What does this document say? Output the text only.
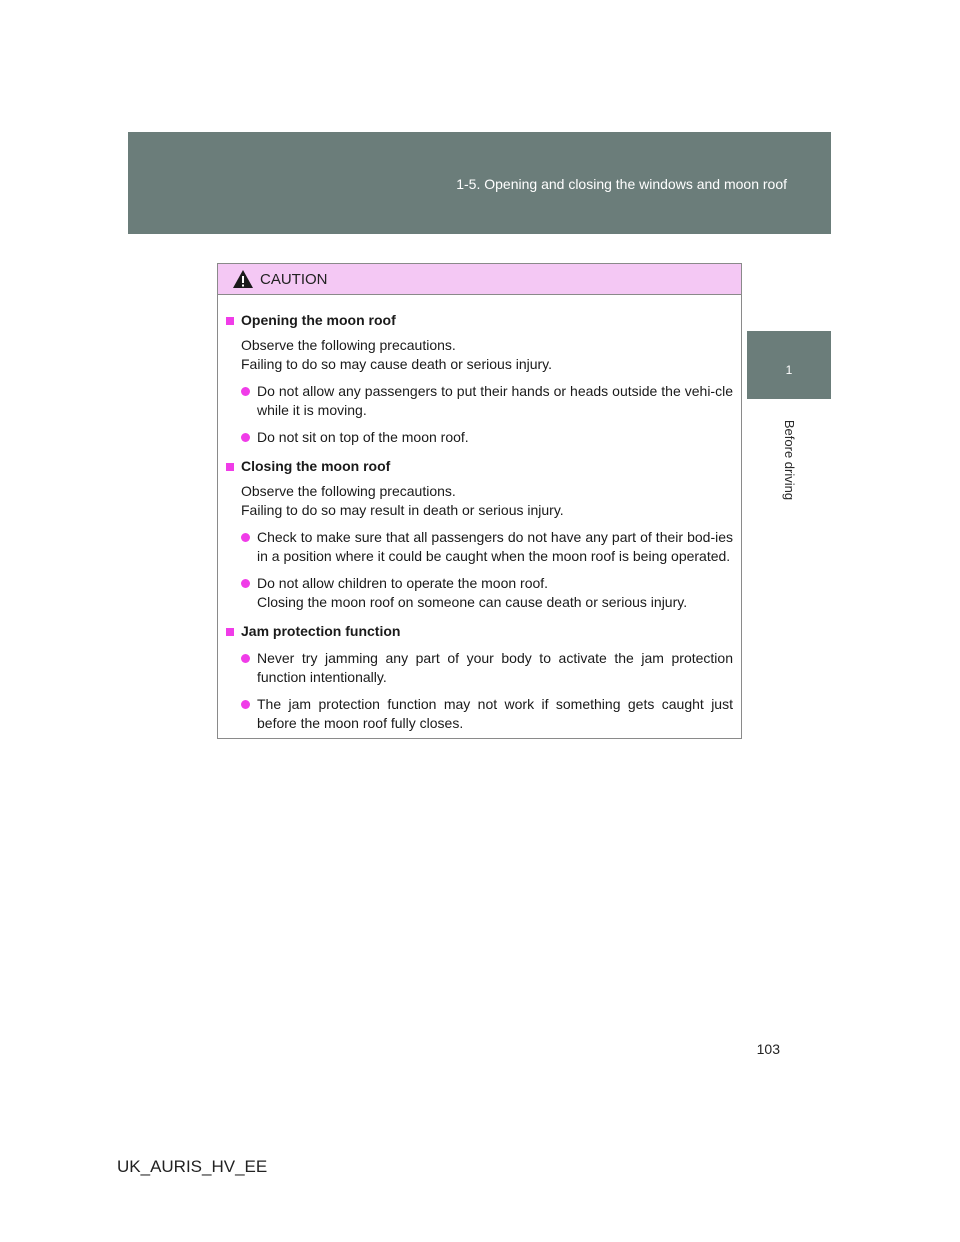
1-5. Opening and closing the windows and moon roof
1
Before driving
CAUTION
Opening the moon roof
Observe the following precautions.
Failing to do so may cause death or serious injury.
Do not allow any passengers to put their hands or heads outside the vehi-cle while it is moving.
Do not sit on top of the moon roof.
Closing the moon roof
Observe the following precautions.
Failing to do so may result in death or serious injury.
Check to make sure that all passengers do not have any part of their bod-ies in a position where it could be caught when the moon roof is being operated.
Do not allow children to operate the moon roof.
Closing the moon roof on someone can cause death or serious injury.
Jam protection function
Never try jamming any part of your body to activate the jam protection function intentionally.
The jam protection function may not work if something gets caught just before the moon roof fully closes.
103
UK_AURIS_HV_EE
